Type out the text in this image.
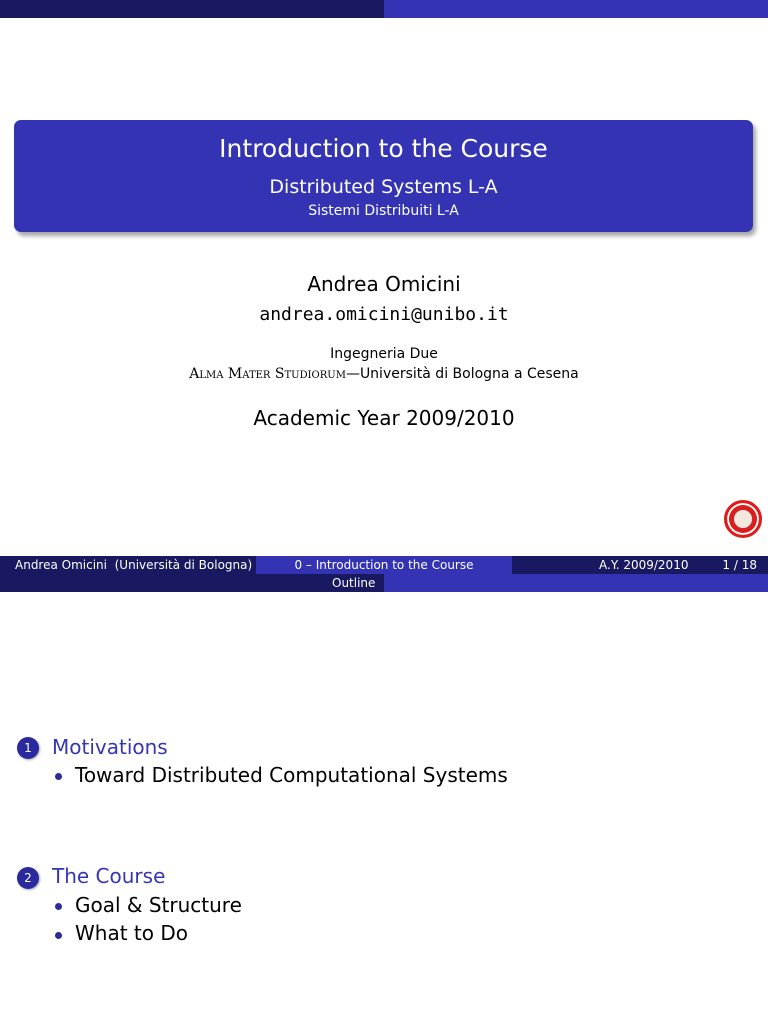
Introduction to the Course
Distributed Systems L-A
Sistemi Distribuiti L-A
Andrea Omicini
andrea.omicini@unibo.it
Ingegneria Due
Alma Mater Studiorum—Università di Bologna a Cesena
Academic Year 2009/2010
Andrea Omicini  (Università di Bologna)	0 – Introduction to the Course	A.Y. 2009/2010	1 / 18
Outline
1	Motivations
Toward Distributed Computational Systems
2	The Course
Goal & Structure
What to Do
